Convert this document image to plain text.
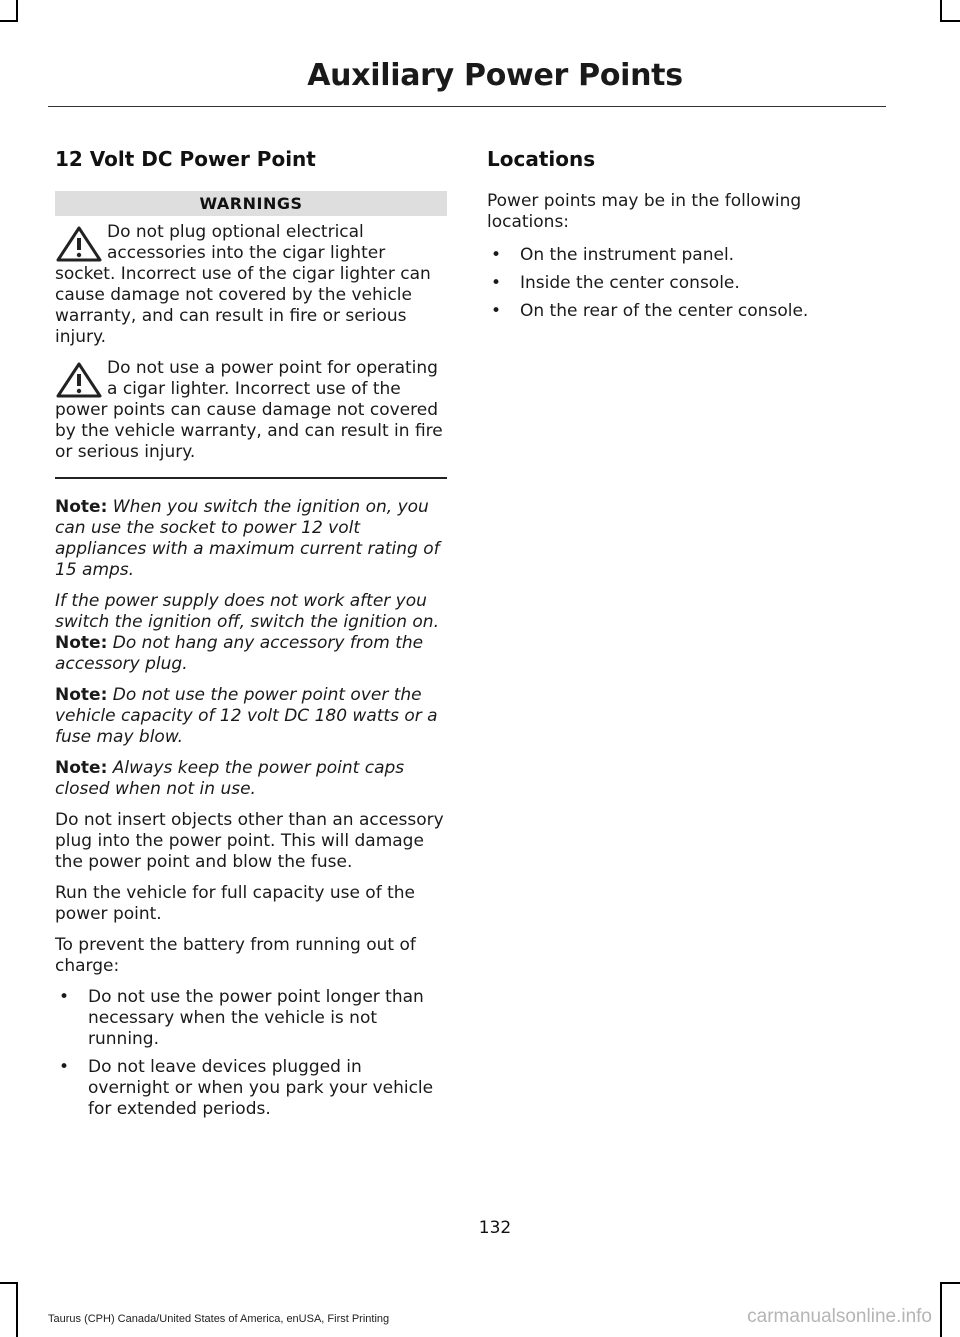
Auxiliary Power Points
12 Volt DC Power Point
WARNINGS
Do not plug optional electrical accessories into the cigar lighter socket. Incorrect use of the cigar lighter can cause damage not covered by the vehicle warranty, and can result in fire or serious injury.
Do not use a power point for operating a cigar lighter. Incorrect use of the power points can cause damage not covered by the vehicle warranty, and can result in fire or serious injury.

Note: When you switch the ignition on, you can use the socket to power 12 volt appliances with a maximum current rating of 15 amps.

If the power supply does not work after you switch the ignition off, switch the ignition on.

Note: Do not hang any accessory from the accessory plug.

Note: Do not use the power point over the vehicle capacity of 12 volt DC 180 watts or a fuse may blow.

Note: Always keep the power point caps closed when not in use.

Do not insert objects other than an accessory plug into the power point. This will damage the power point and blow the fuse.

Run the vehicle for full capacity use of the power point.

To prevent the battery from running out of charge:

• Do not use the power point longer than necessary when the vehicle is not running.
• Do not leave devices plugged in overnight or when you park your vehicle for extended periods.
Locations

Power points may be in the following locations:

• On the instrument panel.
• Inside the center console.
• On the rear of the center console.
132
Taurus (CPH) Canada/United States of America, enUSA, First Printing	carmanualsonline.info
